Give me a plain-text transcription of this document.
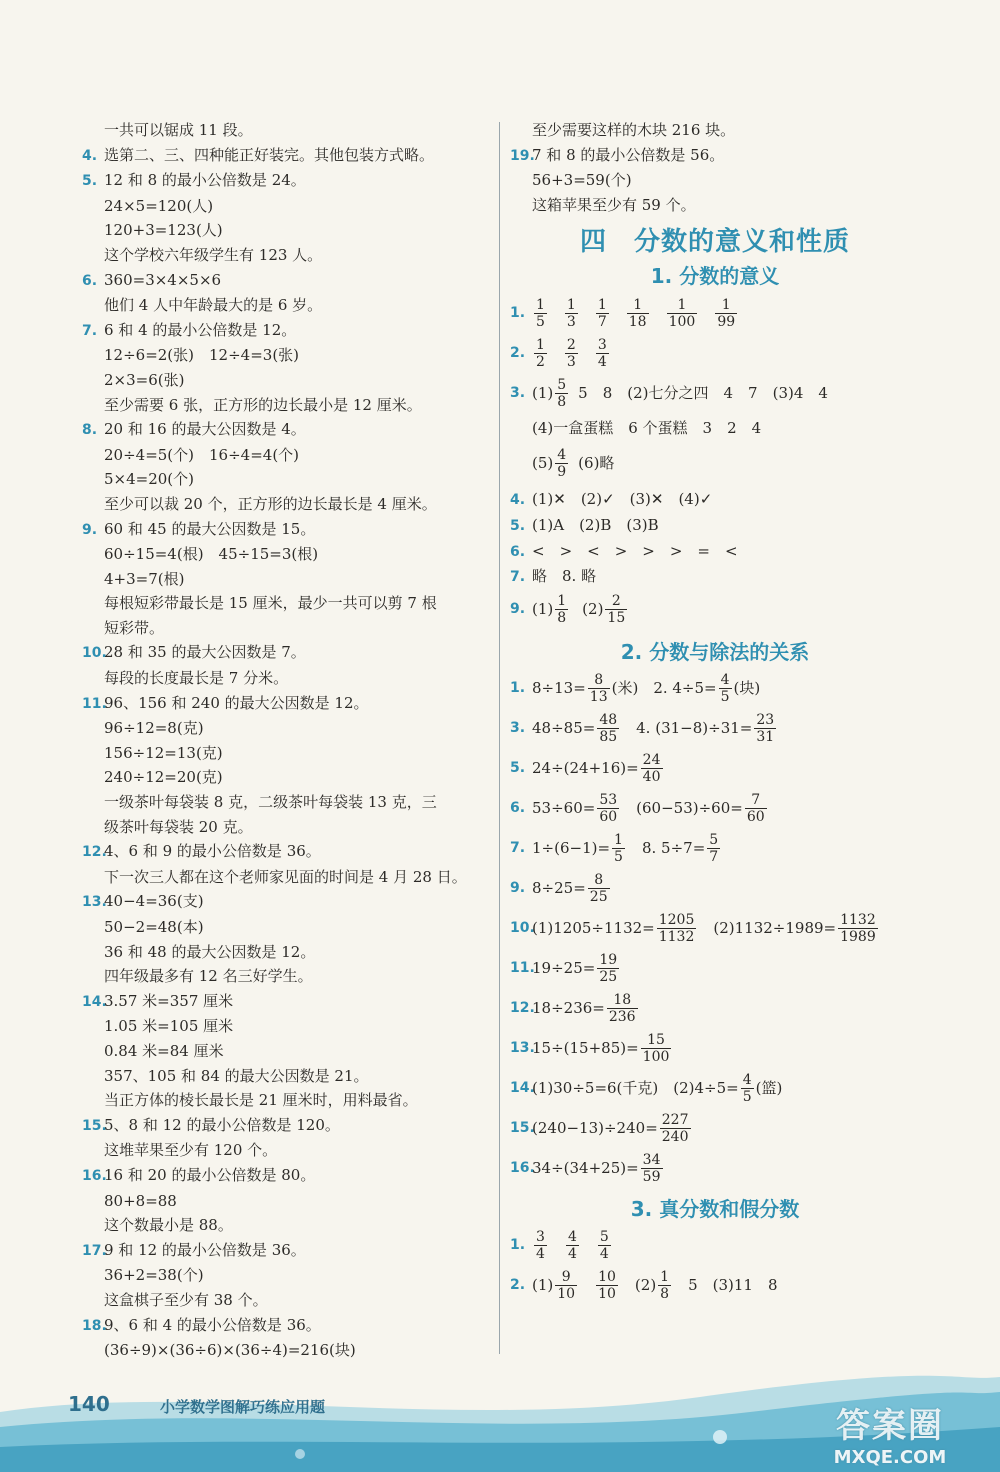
一共可以锯成 11 段。
4. 选第二、三、四种能正好装完。其他包装方式略。
5. 12 和 8 的最小公倍数是 24。
24×5=120(人)
120+3=123(人)
这个学校六年级学生有 123 人。
6. 360=3×4×5×6
他们 4 人中年龄最大的是 6 岁。
7. 6 和 4 的最小公倍数是 12。
12÷6=2(张)　12÷4=3(张)
2×3=6(张)
至少需要 6 张，正方形的边长最小是 12 厘米。
8. 20 和 16 的最大公因数是 4。
20÷4=5(个)　16÷4=4(个)
5×4=20(个)
至少可以裁 20 个，正方形的边长最长是 4 厘米。
9. 60 和 45 的最大公因数是 15。
60÷15=4(根)　45÷15=3(根)
4+3=7(根)
每根短彩带最长是 15 厘米，最少一共可以剪 7 根
短彩带。
10.28 和 35 的最大公因数是 7。
每段的长度最长是 7 分米。
11.96、156 和 240 的最大公因数是 12。
96÷12=8(克)
156÷12=13(克)
240÷12=20(克)
一级茶叶每袋装 8 克，二级茶叶每袋装 13 克，三
级茶叶每袋装 20 克。
12.4、6 和 9 的最小公倍数是 36。
下一次三人都在这个老师家见面的时间是 4 月 28 日。
13.40−4=36(支)
50−2=48(本)
36 和 48 的最大公因数是 12。
四年级最多有 12 名三好学生。
14.3.57 米=357 厘米
1.05 米=105 厘米
0.84 米=84 厘米
357、105 和 84 的最大公因数是 21。
当正方体的棱长最长是 21 厘米时，用料最省。
15.5、8 和 12 的最小公倍数是 120。
这堆苹果至少有 120 个。
16.16 和 20 的最小公倍数是 80。
80+8=88
这个数最小是 88。
17.9 和 12 的最小公倍数是 36。
36+2=38(个)
这盒棋子至少有 38 个。
18.9、6 和 4 的最小公倍数是 36。
(36÷9)×(36÷6)×(36÷4)=216(块)
至少需要这样的木块 216 块。
19.7 和 8 的最小公倍数是 56。
56+3=59(个)
这箱苹果至少有 59 个。
四　分数的意义和性质
1. 分数的意义
1. $\frac{1}{5} \frac{1}{3} \frac{1}{7} \frac{1}{18} \frac{1}{100} \frac{1}{99}$
2. $\frac{1}{2} \frac{2}{3} \frac{3}{4}$
3. $(1) \frac{5}{8} 5$　8　(2)七分之四　4　7　(3)4　4
(4)一盒蛋糕　6 个蛋糕　3　2　4
$(5) \frac{4}{9} (6)$略
4. (1)✕　(2)✓　(3)✕　(4)✓
5. (1)A　(2)B　(3)B
6. <　>　<　>　>　>　=　<
7. 略　8. 略
9. $(1) \frac{1}{8} (2) \frac{2}{15}$
2. 分数与除法的关系
1. $8\div 13= \frac{8}{13}$ (米)　2. $4\div 5= \frac{4}{5}$ (块)
3. $48\div 85= \frac{48}{85}$ 　4. $(31-8)\div 31= \frac{23}{31}$
5. $24\div(24+16)= \frac{24}{40}$
6. $53\div 60= \frac{53}{60}$ 　$(60-53)\div 60= \frac{7}{60}$
7. $1\div(6-1)= \frac{1}{5}$ 　8. $5\div 7= \frac{5}{7}$
9. $8\div 25= \frac{8}{25}$
10.
$(1)1205\div 1132= \frac{1205}{1132}$ 　$(2)1132\div 1989= \frac{1132}{1989}$
11.
$19\div 25= \frac{19}{25}$
12.
$18\div 236= \frac{18}{236}$
13.
$15\div(15+85)= \frac{15}{100}$
14.
(1)30÷5=6(千克)　$(2)4\div 5= \frac{4}{5}$ (篮)
15.
$(240-13)\div 240= \frac{227}{240}$
16.
$34\div(34+25)= \frac{34}{59}$
3. 真分数和假分数
1. $\frac{3}{4}$
　 $\frac{4}{4}$
　 $\frac{5}{4}$
2. $(1) \frac{9}{10}$
　 $\frac{10}{10}$ 　$(2) \frac{1}{8}$ 　5　(3)11　8
140	小学数学图解巧练应用题	答案圈
MXQE.COM
